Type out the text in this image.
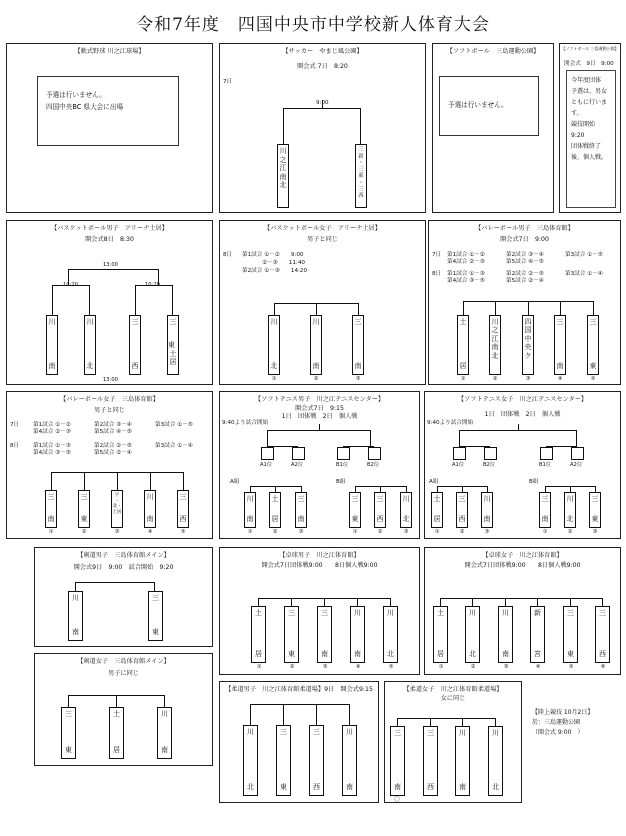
令和7年度　四国中央市中学校新人体育大会
【軟式野球 川之江球場】
予選は行いません。
四国中央BC 県大会に出場
【サッカー　やまじ風公園】
開会式 7日　8:20
7日
9:00
川
之
江
南
北
三
新
・
三
東
・
三
西
【ソフトボール　三島運動公園】
予選は行いません。
【ソフトボール 三島運動公園】
開会式　9日　9:00
今年度団体
予選は、男女
ともに行いま
す。
競技開始
9:20
団体戦終了
後、個人戦。
【バスケットボール男子　アリーナ土居】
開会式8日　8:30
13:00
10:20	10:20
川
南
川
北
三
西
三
東・土居
13:00
【バスケットボール女子　アリーナ土居】
男子と同じ
8日 第1試合 ①－②　　9:00
②－③　　11:40
第2試合 ①－③　　14:20
川
北
川
南
三
南
①	②	③
【バレーボール男子　三島体育館】
開会式7日　9:00
7日 第1試合 ①－②	第2試合 ③－④	第3試合 ①－⑤
第4試合 ②－③	第5試合 ④－⑤
8日 第1試合 ①－③	第2試合 ②－⑤	第3試合 ①－④
第4試合 ③－⑤	第5試合 ②－④
土
居
川
之江南北
四
国中央ク
三
南
三
東
①	②	③	④	⑤
【バレーボール女子　三島体育館】
男子と同じ
7日 第1試合 ①－②	第2試合 ③－④	第3試合 ①－⑤
第4試合 ②－③	第5試合 ④－⑤
8日 第1試合 ①－③	第2試合 ②－⑤	第3試合 ①－④
第4試合 ③－⑤	第5試合 ②－④
三
南
三
東
宇
・北・土居
川
南
三
西
①	②	③	④	⑤
【ソフトテニス男子　川之江テニスセンター】
開会式7日　9:15
1日　団体戦　2日　個人戦
9:40より試合開始
A1位	A2位	B1位	B2位
A組	B組
川
南
土
居
三
南
三
東
三
西
川
北
①	②	③	①	②	③
【ソフトテニス女子　川之江テニスセンター】
1日　団体戦　2日　個人戦
9:40より試合開始
A1位	B2位	B1位	A2位
A組	B組
土
居
三
西
川
南
三
南
川
北
三
東
①	②	③	①	②	③
【剣道男子　三島体育館メイン】
開会式9日　9:00　試合開始　9:20
川
南
三
東
【卓球男子　川之江体育館】
開会式7日団体戦9:00　　8日個人戦9:00
土
居
三
東
三
南
川
南
川
北
①	②	③	④	⑤
【卓球女子　川之江体育館】
開会式7日団体戦9:00　　8日個人戦9:00
土
居
川
北
川
南
新
宮
三
東
三
西
①	②	③	④	⑤	⑥
【剣道女子　三島体育館メイン】
男子に同じ
三
東
土
居
川
南
【柔道男子　川之江体育館柔道場】9日　開会式9:15
川
北
三
東
三
西
川
南
【柔道女子　川之江体育館柔道場】
女に同じ
三
南
三
西
川
南
川
北
〇
【陸上競技 10月2日】
於：三島運動公園
（開会式 9:00　）
